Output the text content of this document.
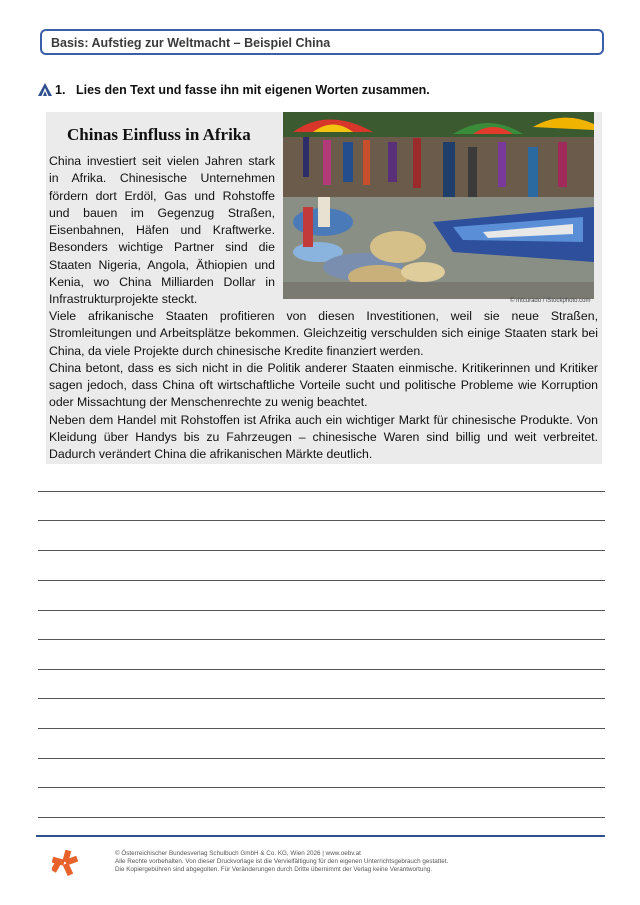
Basis: Aufstieg zur Weltmacht – Beispiel China
1. Lies den Text und fasse ihn mit eigenen Worten zusammen.
Chinas Einfluss in Afrika
China investiert seit vielen Jahren stark in Afrika. Chinesische Unternehmen fördern dort Erdöl, Gas und Rohstoffe und bauen im Gegenzug Straßen, Eisenbahnen, Häfen und Kraftwerke. Besonders wichtige Partner sind die Staaten Nigeria, Angola, Äthiopien und Kenia, wo China Milliarden Dollar in Infrastrukturprojekte steckt.	© mtcurado / iStockphoto.com

Viele afrikanische Staaten profitieren von diesen Investitionen, weil sie neue Straßen, Stromleitungen und Arbeitsplätze bekommen. Gleichzeitig verschulden sich einige Staaten stark bei China, da viele Projekte durch chinesische Kredite finanziert werden.

China betont, dass es sich nicht in die Politik anderer Staaten einmische. Kritikerinnen und Kritiker sagen jedoch, dass China oft wirtschaftliche Vorteile sucht und politische Probleme wie Korruption oder Missachtung der Menschenrechte zu wenig beachtet.

Neben dem Handel mit Rohstoffen ist Afrika auch ein wichtiger Markt für chinesische Produkte. Von Kleidung über Handys bis zu Fahrzeugen – chinesische Waren sind billig und weit verbreitet. Dadurch verändert China die afrikanischen Märkte deutlich.

© Österreichischer Bundesverlag Schulbuch GmbH & Co. KG, Wien 2026 | www.oebv.at
Alle Rechte vorbehalten. Von dieser Druckvorlage ist die Vervielfältigung für den eigenen Unterrichtsgebrauch gestattet.
Die Kopiergebühren sind abgegolten. Für Veränderungen durch Dritte übernimmt der Verlag keine Verantwortung.
